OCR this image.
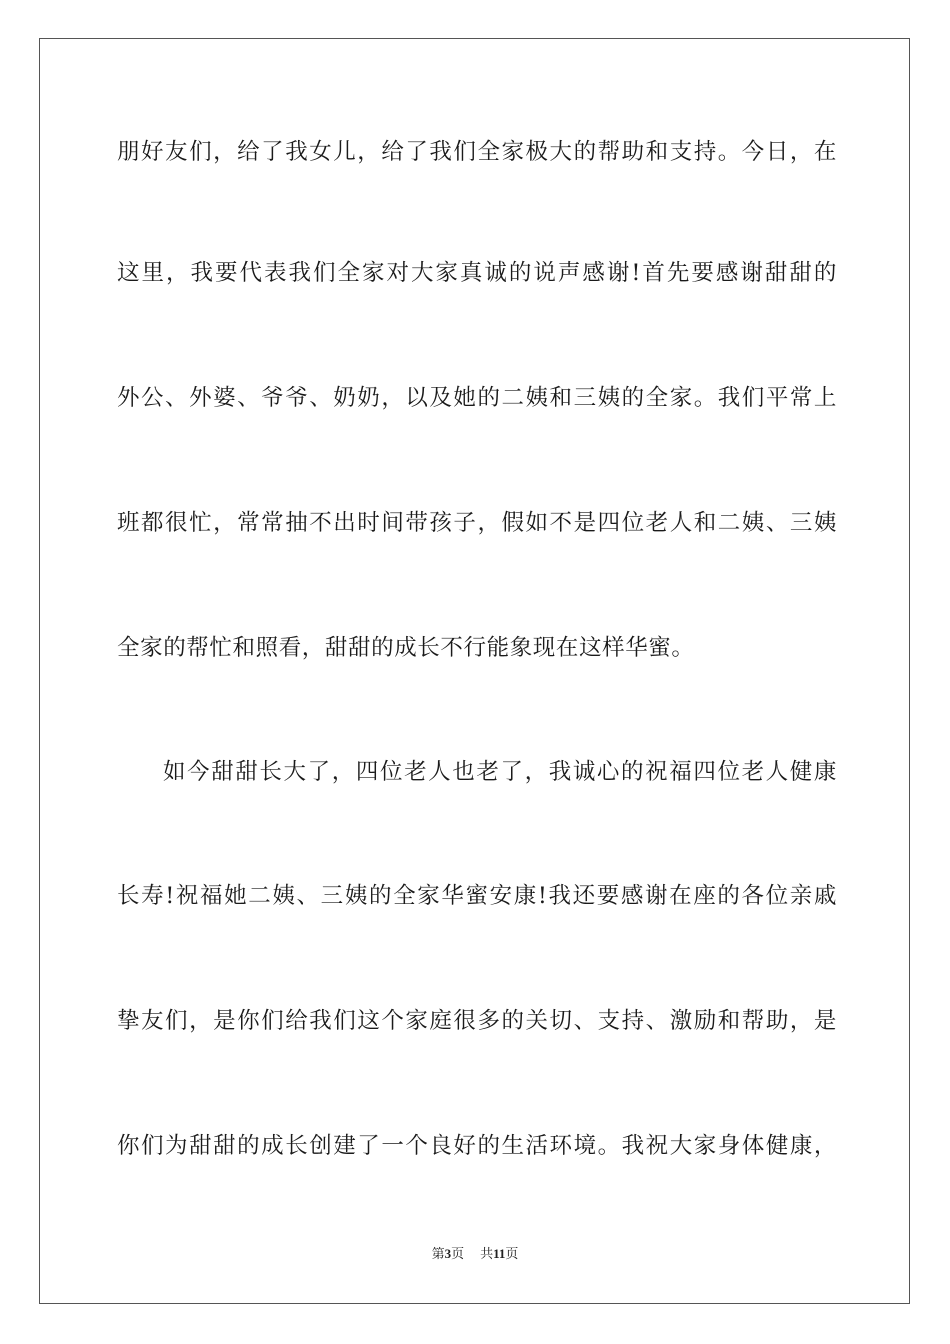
朋好友们，给了我女儿，给了我们全家极大的帮助和支持。今日，在
这里，我要代表我们全家对大家真诚的说声感谢!首先要感谢甜甜的
外公、外婆、爷爷、奶奶，以及她的二姨和三姨的全家。我们平常上
班都很忙，常常抽不出时间带孩子，假如不是四位老人和二姨、三姨
全家的帮忙和照看，甜甜的成长不行能象现在这样华蜜。
如今甜甜长大了，四位老人也老了，我诚心的祝福四位老人健康
长寿!祝福她二姨、三姨的全家华蜜安康!我还要感谢在座的各位亲戚
挚友们，是你们给我们这个家庭很多的关切、支持、激励和帮助，是
你们为甜甜的成长创建了一个良好的生活环境。我祝大家身体健康，
第3页 共11页
